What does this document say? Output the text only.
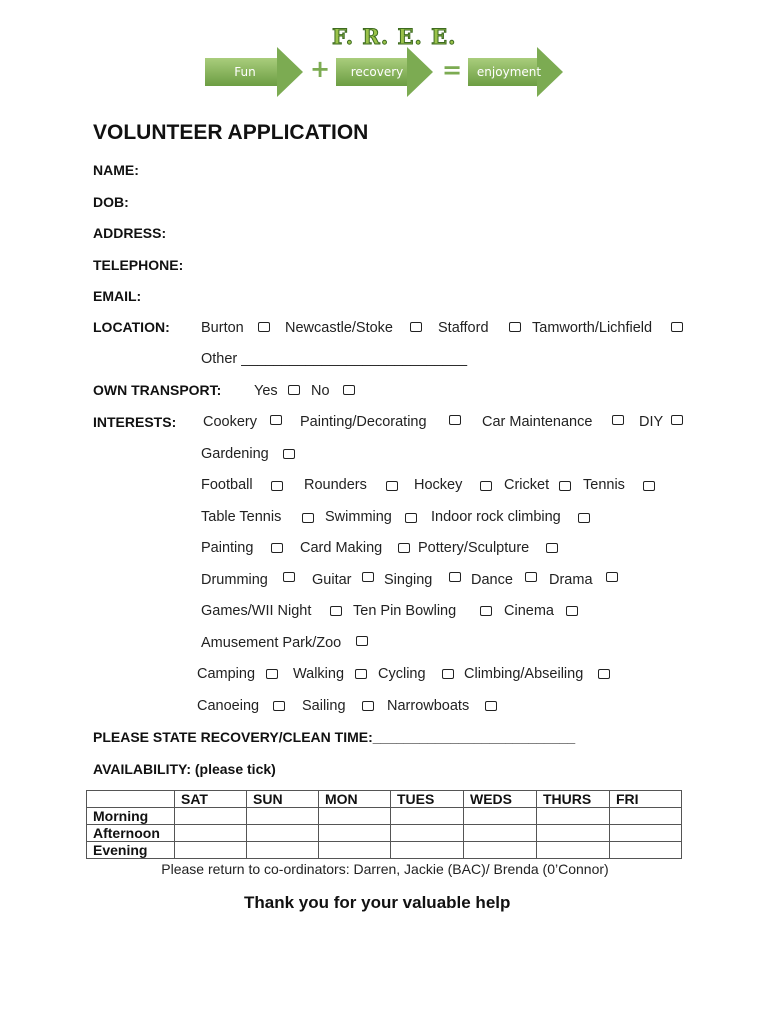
F. R. E. E.
Fun	+	recovery	=	enjoyment
VOLUNTEER APPLICATION
NAME:
DOB:
ADDRESS:
TELEPHONE:
EMAIL:
LOCATION: Burton	Newcastle/Stoke	Stafford	Tamworth/Lichfield
Other ____________________________
OWN TRANSPORT: Yes No
INTERESTS: Cookery	Painting/Decorating	Car Maintenance	DIY
Gardening
Football	Rounders	Hockey	Cricket Tennis
Table Tennis	Swimming	Indoor rock climbing
Painting	Card Making Pottery/Sculpture
Drumming	Guitar Singing	Dance Drama
Games/WII Night	Ten Pin Bowling	Cinema
Amusement Park/Zoo
Camping	Walking Cycling	Climbing/Abseiling
Canoeing	Sailing	Narrowboats
PLEASE STATE RECOVERY/CLEAN TIME:__________________________
AVAILABILITY: (please tick)
	SAT	SUN	MON	TUES	WEDS	THURS	FRI
Morning							
Afternoon							
Evening							
Please return to co-ordinators: Darren, Jackie (BAC)/ Brenda (0’Connor)
Thank you for your valuable help
